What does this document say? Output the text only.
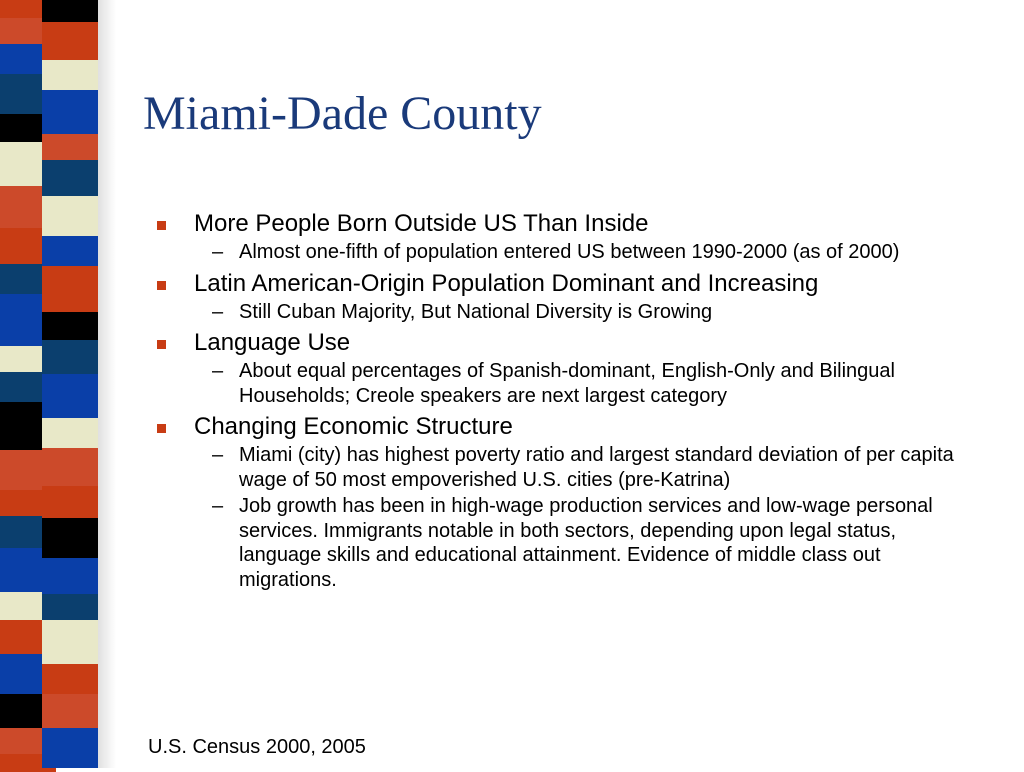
Miami-Dade County
More People Born Outside US Than Inside
– Almost one-fifth of population entered US between 1990-2000 (as of 2000)
Latin American-Origin Population Dominant and Increasing
– Still Cuban Majority, But National Diversity is Growing
Language Use
– About equal percentages of Spanish-dominant, English-Only and Bilingual Households; Creole speakers are next largest category
Changing Economic Structure
– Miami (city) has highest poverty ratio and largest standard deviation of per capita wage of 50 most empoverished U.S. cities (pre-Katrina)
– Job growth has been in high-wage production services and low-wage personal services. Immigrants notable in both sectors, depending upon legal status, language skills and educational attainment. Evidence of middle class out migrations.
U.S. Census 2000, 2005
